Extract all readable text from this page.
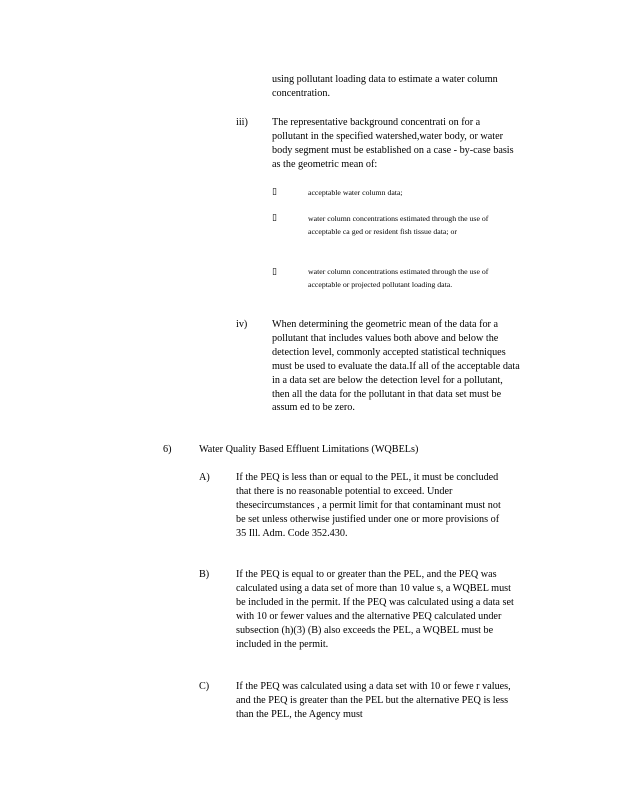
using pollutant loading data to estimate a water column concentration.

iii) The representative background concentrati on for a pollutant in the specified watershed,water body, or water body segment must be established on a case - by-case basis as the geometric mean of:

▯	acceptable water column data;

▯	water column concentrations estimated through the use of acceptable ca ged or resident fish tissue data; or

▯	water column concentrations estimated through the use of acceptable or projected pollutant loading data.

iv) When determining the geometric mean of the data for a pollutant that includes values both above and below the detection level, commonly accepted statistical techniques must be used to evaluate the data.If all of the acceptable data in a data set are below the detection level for a pollutant, then all the data for the pollutant in that data set must be assum ed to be zero.

6)	Water Quality Based Effluent Limitations (WQBELs)

A)	If the PEQ is less than or equal to the PEL, it must be concluded that there is no reasonable potential to exceed. Under thesecircumstances , a permit limit for that contaminant must not be set unless otherwise justified under one or more provisions of 35 Ill. Adm. Code 352.430.

B)	If the PEQ is equal to or greater than the PEL, and the PEQ was calculated using a data set of more than 10 value s, a WQBEL must be included in the permit. If the PEQ was calculated using a data set with 10 or fewer values and the alternative PEQ calculated under subsection (h)(3) (B) also exceeds the PEL, a WQBEL must be included in the permit.

C)	If the PEQ was calculated using a data set with 10 or fewe r values, and the PEQ is greater than the PEL but the alternative PEQ is less than the PEL, the Agency must
